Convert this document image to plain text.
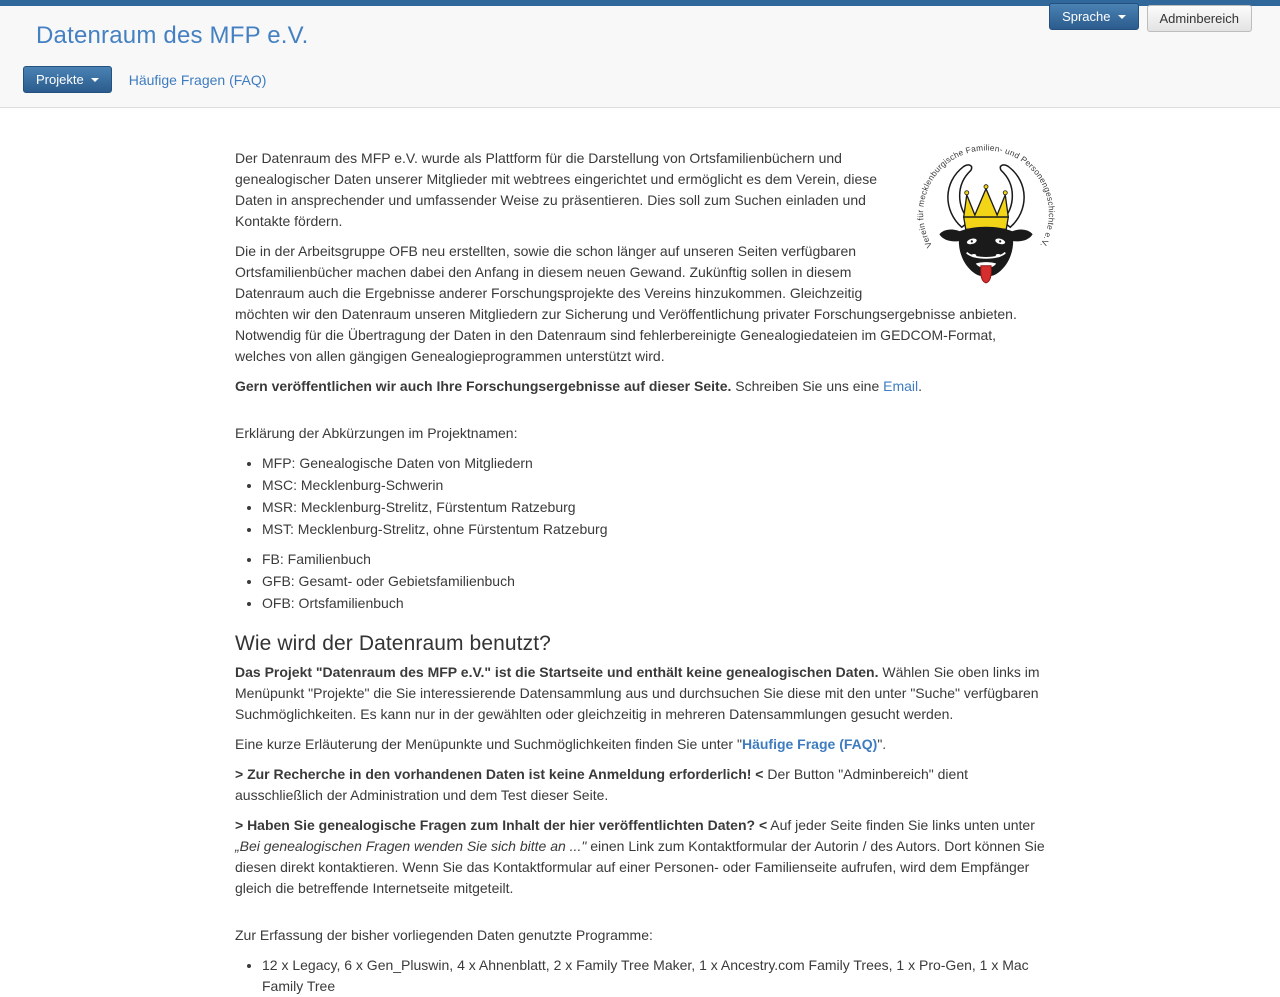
Sprache	Adminbereich
Datenraum des MFP e.V.
Projekte	Häufige Fragen (FAQ)
Verein für mecklenburgische Familien- und Personengeschichte e.V.

Der Datenraum des MFP e.V. wurde als Plattform für die Darstellung von Ortsfamilienbüchern und genealogischer Daten unserer Mitglieder mit webtrees eingerichtet und ermöglicht es dem Verein, diese Daten in ansprechender und umfassender Weise zu präsentieren. Dies soll zum Suchen einladen und Kontakte fördern.

Die in der Arbeitsgruppe OFB neu erstellten, sowie die schon länger auf unseren Seiten verfügbaren Ortsfamilienbücher machen dabei den Anfang in diesem neuen Gewand. Zukünftig sollen in diesem Datenraum auch die Ergebnisse anderer Forschungsprojekte des Vereins hinzukommen. Gleichzeitig möchten wir den Datenraum unseren Mitgliedern zur Sicherung und Veröffentlichung privater Forschungsergebnisse anbieten. Notwendig für die Übertragung der Daten in den Datenraum sind fehlerbereinigte Genealogiedateien im GEDCOM-Format, welches von allen gängigen Genealogieprogrammen unterstützt wird.

Gern veröffentlichen wir auch Ihre Forschungsergebnisse auf dieser Seite. Schreiben Sie uns eine Email.

Erklärung der Abkürzungen im Projektnamen:

• MFP: Genealogische Daten von Mitgliedern
• MSC: Mecklenburg-Schwerin
• MSR: Mecklenburg-Strelitz, Fürstentum Ratzeburg
• MST: Mecklenburg-Strelitz, ohne Fürstentum Ratzeburg
• FB: Familienbuch
• GFB: Gesamt- oder Gebietsfamilienbuch
• OFB: Ortsfamilienbuch
Wie wird der Datenraum benutzt?

Das Projekt "Datenraum des MFP e.V." ist die Startseite und enthält keine genealogischen Daten. Wählen Sie oben links im Menüpunkt "Projekte" die Sie interessierende Datensammlung aus und durchsuchen Sie diese mit den unter "Suche" verfügbaren Suchmöglichkeiten. Es kann nur in der gewählten oder gleichzeitig in mehreren Datensammlungen gesucht werden.

Eine kurze Erläuterung der Menüpunkte und Suchmöglichkeiten finden Sie unter "Häufige Frage (FAQ)".

> Zur Recherche in den vorhandenen Daten ist keine Anmeldung erforderlich! < Der Button "Adminbereich" dient ausschließlich der Administration und dem Test dieser Seite.

> Haben Sie genealogische Fragen zum Inhalt der hier veröffentlichten Daten? < Auf jeder Seite finden Sie links unten unter „Bei genealogischen Fragen wenden Sie sich bitte an ..." einen Link zum Kontaktformular der Autorin / des Autors. Dort können Sie diesen direkt kontaktieren. Wenn Sie das Kontaktformular auf einer Personen- oder Familienseite aufrufen, wird dem Empfänger gleich die betreffende Internetseite mitgeteilt.

Zur Erfassung der bisher vorliegenden Daten genutzte Programme:

• 12 x Legacy, 6 x Gen_Pluswin, 4 x Ahnenblatt, 2 x Family Tree Maker, 1 x Ancestry.com Family Trees, 1 x Pro-Gen, 1 x Mac Family Tree
